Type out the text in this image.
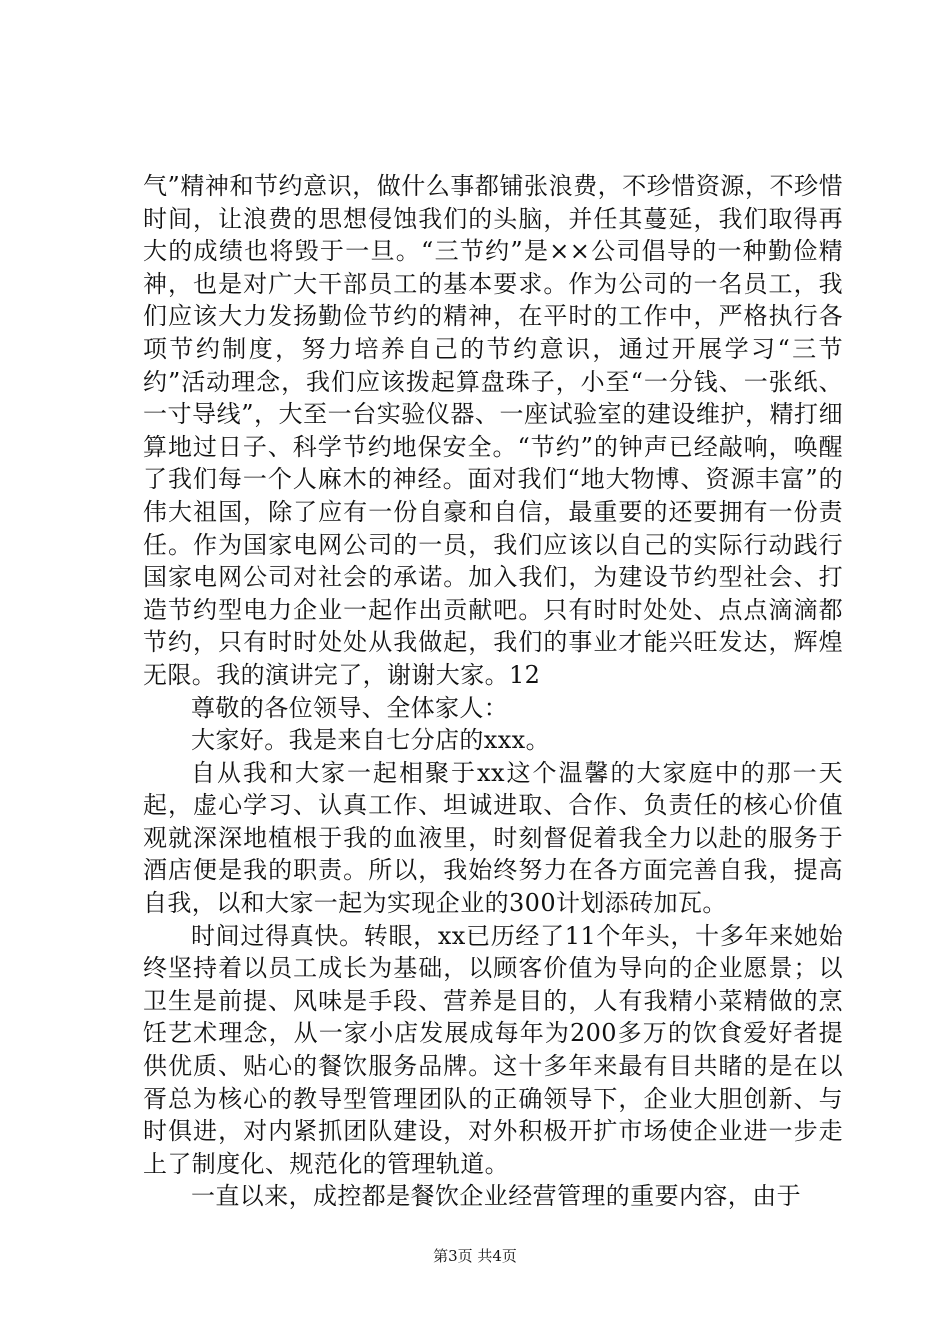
气”精神和节约意识，做什么事都铺张浪费，不珍惜资源，不珍惜时间，让浪费的思想侵蚀我们的头脑，并任其蔓延，我们取得再大的成绩也将毁于一旦。“三节约”是××公司倡导的一种勤俭精神，也是对广大干部员工的基本要求。作为公司的一名员工，我们应该大力发扬勤俭节约的精神，在平时的工作中，严格执行各项节约制度，努力培养自己的节约意识，通过开展学习“三节约”活动理念，我们应该拨起算盘珠子，小至“一分钱、一张纸、一寸导线”，大至一台实验仪器、一座试验室的建设维护，精打细算地过日子、科学节约地保安全。“节约”的钟声已经敲响，唤醒了我们每一个人麻木的神经。面对我们“地大物博、资源丰富”的伟大祖国，除了应有一份自豪和自信，最重要的还要拥有一份责任。作为国家电网公司的一员，我们应该以自己的实际行动践行国家电网公司对社会的承诺。加入我们，为建设节约型社会、打造节约型电力企业一起作出贡献吧。只有时时处处、点点滴滴都节约，只有时时处处从我做起，我们的事业才能兴旺发达，辉煌无限。我的演讲完了，谢谢大家。12

尊敬的各位领导、全体家人：

大家好。我是来自七分店的xxx。

自从我和大家一起相聚于xx这个温馨的大家庭中的那一天起，虚心学习、认真工作、坦诚进取、合作、负责任的核心价值观就深深地植根于我的血液里，时刻督促着我全力以赴的服务于酒店便是我的职责。所以，我始终努力在各方面完善自我，提高自我，以和大家一起为实现企业的300计划添砖加瓦。

时间过得真快。转眼，xx已历经了11个年头，十多年来她始终坚持着以员工成长为基础，以顾客价值为导向的企业愿景；以卫生是前提、风味是手段、营养是目的，人有我精小菜精做的烹饪艺术理念，从一家小店发展成每年为200多万的饮食爱好者提供优质、贴心的餐饮服务品牌。这十多年来最有目共睹的是在以胥总为核心的教导型管理团队的正确领导下，企业大胆创新、与时俱进，对内紧抓团队建设，对外积极开扩市场使企业进一步走上了制度化、规范化的管理轨道。

一直以来，成控都是餐饮企业经营管理的重要内容，由于

第3页 共4页
